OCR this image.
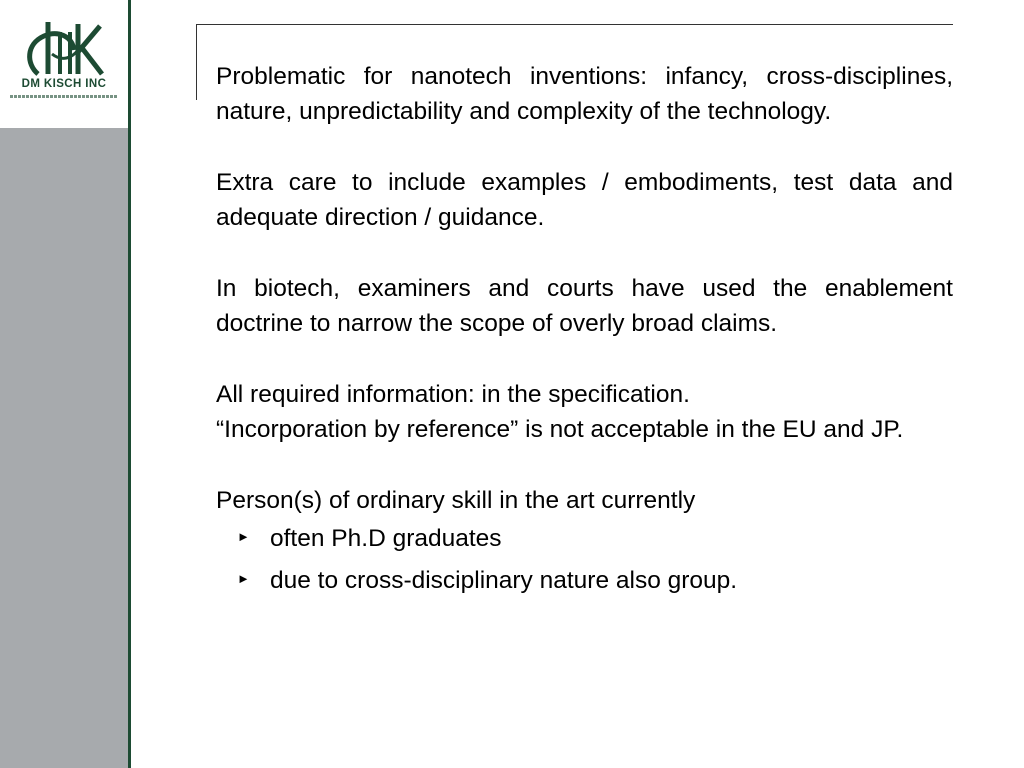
DM KISCH INC	Problematic for nanotech inventions: infancy, cross-disciplines, nature, unpredictability and complexity of the technology.

Extra care to include examples / embodiments, test data and adequate direction / guidance.

In biotech, examiners and courts have used the enablement doctrine to narrow the scope of overly broad claims.

All required information: in the specification.

“Incorporation by reference” is not acceptable in the EU and JP.

Person(s) of ordinary skill in the art currently

► often Ph.D graduates
► due to cross-disciplinary nature also group.
